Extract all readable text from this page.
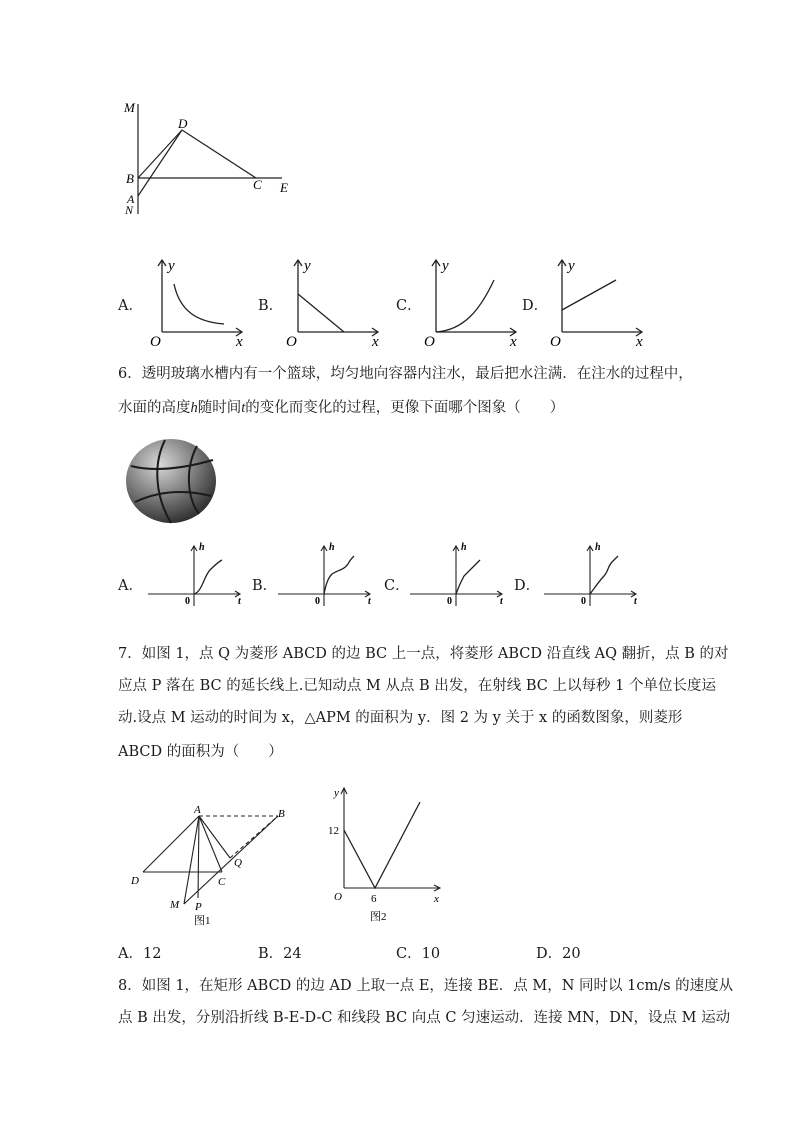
M
D
B	C E
A
N
A．
y
O	x
B．
y
O	x
C．
y
O	x
D．
y
O	x
6．透明玻璃水槽内有一个篮球，均匀地向容器内注水，最后把水注满．在注水的过程中，
水面的高度h随时间t的变化而变化的过程，更像下面哪个图象（　　）
A．
h
0	t
B．
h
0	t
C．
h
0	t
D．
h
0	t
7．如图 1，点 Q 为菱形 ABCD 的边 BC 上一点，将菱形 ABCD 沿直线 AQ 翻折，点 B 的对
应点 P 落在 BC 的延长线上.已知动点 M 从点 B 出发，在射线 BC 上以每秒 1 个单位长度运
动.设点 M 运动的时间为 x，△APM 的面积为 y．图 2 为 y 关于 x 的函数图象，则菱形
ABCD 的面积为（　　）
A	B
Q
D	C
M P
图1
y
12
O	6	x
图2
A．12	B．24	C．10	D．20
8．如图 1，在矩形 ABCD 的边 AD 上取一点 E，连接 BE．点 M，N 同时以 1cm/s 的速度从
点 B 出发，分别沿折线 B-E-D-C 和线段 BC 向点 C 匀速运动．连接 MN，DN，设点 M 运动
